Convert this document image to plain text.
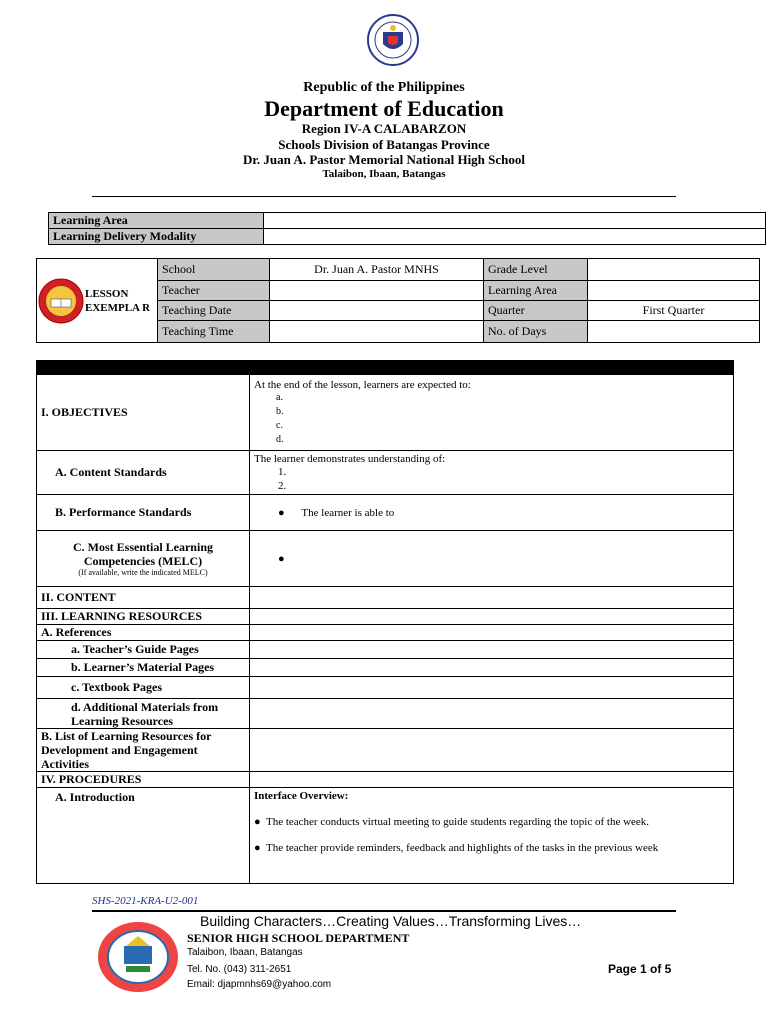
Republic of the Philippines
Department of Education
Region IV-A CALABARZON
Schools Division of Batangas Province
Dr. Juan A. Pastor Memorial National High School
Talaibon, Ibaan, Batangas
Learning Area	
Learning Delivery Modality	
LESSON EXEMPLA R	School	Dr. Juan A. Pastor MNHS	Grade Level	
	Teacher		Learning Area	
	Teaching Date		Quarter	First Quarter
	Teaching Time		No. of Days	

I. OBJECTIVES	At the end of the lesson, learners are expected to:
a.
b.
c.
d.

A. Content Standards	The learner demonstrates understanding of:
1.
2.

B. Performance Standards	● The learner is able to

C. Most Essential Learning Competencies (MELC)
(If available, write the indicated MELC)	●
II. CONTENT	
III. LEARNING RESOURCES	
A. References	
a. Teacher’s Guide Pages	
b. Learner’s Material Pages	
c. Textbook Pages	
d. Additional Materials from Learning Resources	
B. List of Learning Resources for Development and Engagement Activities	
IV. PROCEDURES	
A. Introduction	Interface Overview:
● The teacher conducts virtual meeting to guide students regarding the topic of the week.
● The teacher provide reminders, feedback and highlights of the tasks in the previous week
SHS-2021-KRA-U2-001
Building Characters…Creating Values…Transforming Lives…
SENIOR HIGH SCHOOL DEPARTMENT
Talaibon, Ibaan, Batangas
Tel. No. (043) 311-2651
Email: djapmnhs69@yahoo.com
Page 1 of 5
